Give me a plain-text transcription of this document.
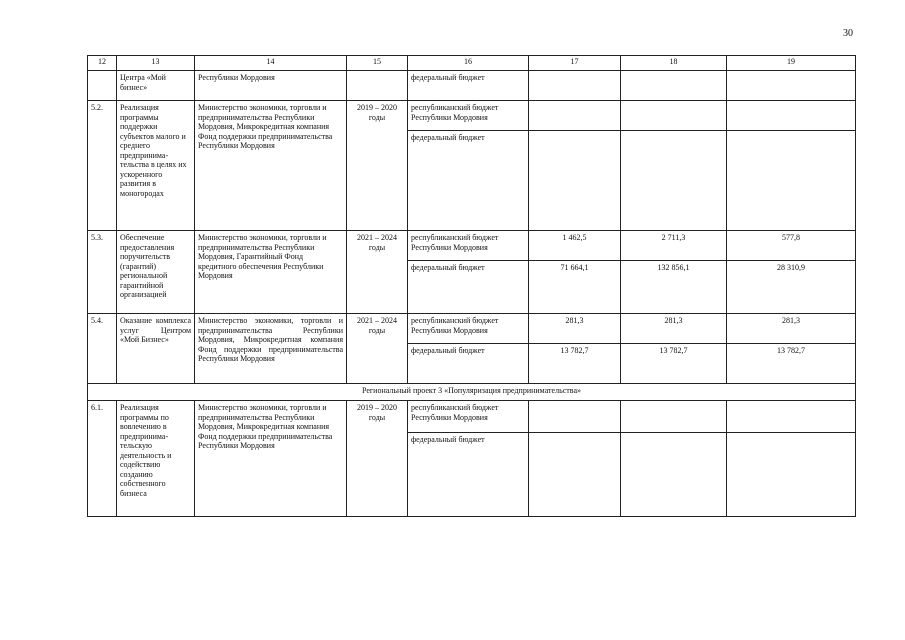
30
12	13	14	15	16	17	18	19
	Центра «Мой бизнес»	Республики Мордовия		федеральный бюджет			
5.2.	Реализация программы поддержки субъектов малого и среднего предпринима-тельства в целях их ускоренного развития в моногородах	Министерство экономики, торговли и предпринимательства Республики Мордовия, Микрокредитная компания Фонд поддержки предпринимательства Республики Мордовия	2019 – 2020 годы	республиканский бюджет Республики Мордовия			
				федеральный бюджет			
5.3.	Обеспечение предоставления поручительств (гарантий) региональной гарантийной организацией	Министерство экономики, торговли и предпринимательства Республики Мордовия, Гарантийный Фонд кредитного обеспечения Республики Мордовия	2021 – 2024 годы	республиканский бюджет Республики Мордовия	1 462,5	2 711,3	577,8
				федеральный бюджет	71 664,1	132 856,1	28 310,9
5.4.	Оказание комплекса услуг Центром «Мой Бизнес»	Министерство экономики, торговли и предпринимательства Республики Мордовия, Микрокредитная компания Фонд поддержки предпринимательства Республики Мордовия	2021 – 2024 годы	республиканский бюджет Республики Мордовия	281,3	281,3	281,3
				федеральный бюджет	13 782,7	13 782,7	13 782,7
Региональный проект 3 «Популяризация предпринимательства»							
6.1.	Реализация программы по вовлечению в предпринима-тельскую деятельность и содействию созданию собственного бизнеса	Министерство экономики, торговли и предпринимательства Республики Мордовия, Микрокредитная компания Фонд поддержки предпринимательства Республики Мордовия	2019 – 2020 годы	республиканский бюджет Республики Мордовия			
				федеральный бюджет			
